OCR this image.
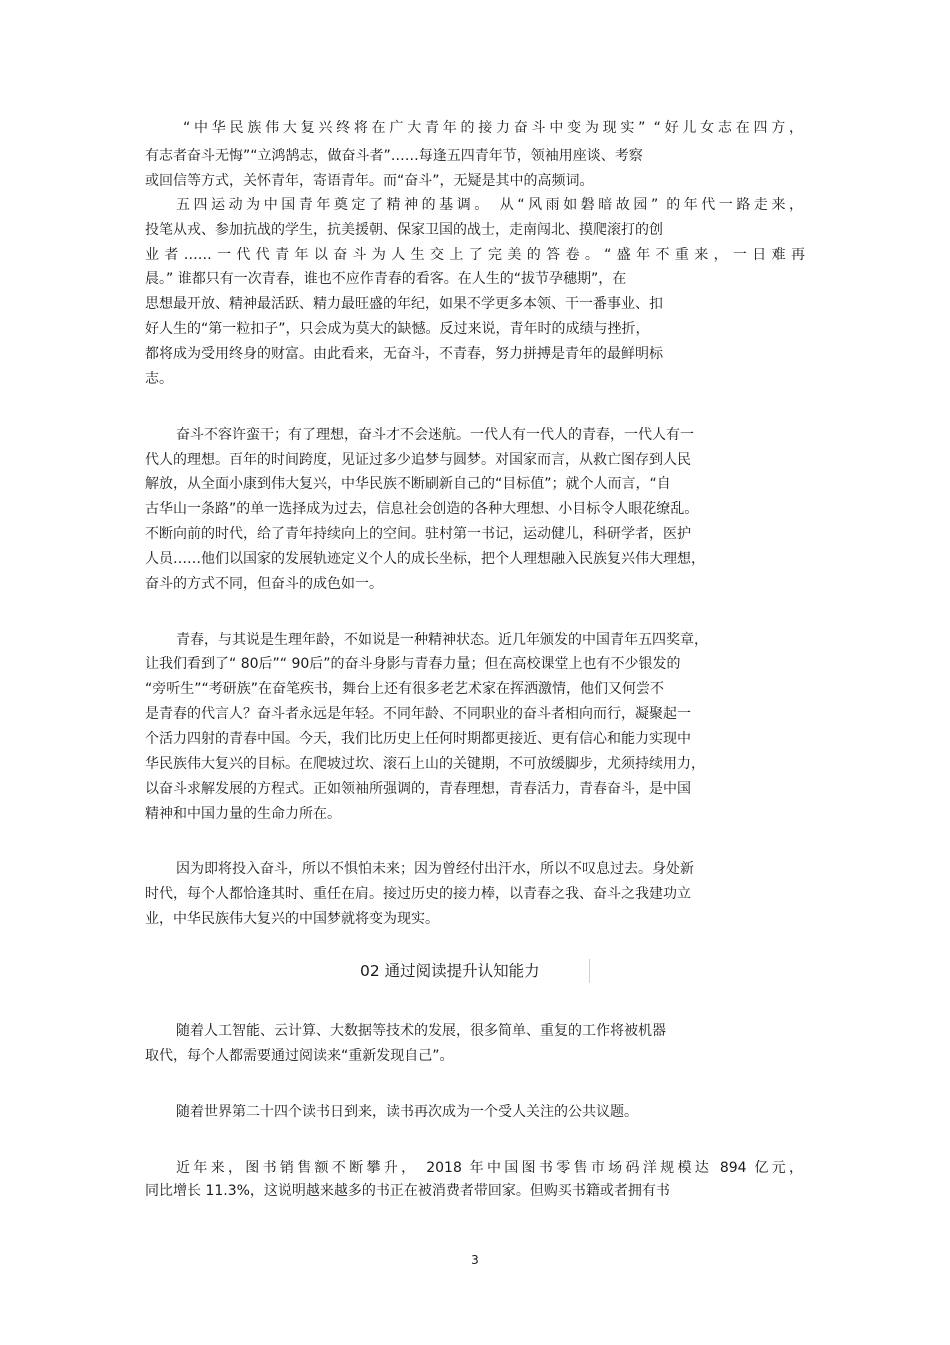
“中华民族伟大复兴终将在广大青年的接力奋斗中变为现实” “好儿女志在四方，

有志者奋斗无悔”“立鸿鹄志，做奋斗者”……每逢五四青年节，领袖用座谈、考察

或回信等方式，关怀青年，寄语青年。而“奋斗”，无疑是其中的高频词。

五四运动为中国青年奠定了精神的基调。 从“风雨如磐暗故园” 的年代一路走来，

投笔从戎、参加抗战的学生，抗美援朝、保家卫国的战士，走南闯北、摸爬滚打的创

业者……一代代青年以奋斗为人生交上了完美的答卷。“盛年不重来，一日难再

晨。” 谁都只有一次青春，谁也不应作青春的看客。在人生的“拔节孕穗期”，在

思想最开放、精神最活跃、精力最旺盛的年纪，如果不学更多本领、干一番事业、扣

好人生的“第一粒扣子”，只会成为莫大的缺憾。反过来说，青年时的成绩与挫折，

都将成为受用终身的财富。由此看来，无奋斗，不青春，努力拼搏是青年的最鲜明标

志。

奋斗不容许蛮干；有了理想，奋斗才不会迷航。一代人有一代人的青春，一代人有一

代人的理想。百年的时间跨度，见证过多少追梦与圆梦。对国家而言，从救亡图存到人民

解放，从全面小康到伟大复兴，中华民族不断刷新自己的“目标值”；就个人而言，“自

古华山一条路”的单一选择成为过去，信息社会创造的各种大理想、小目标令人眼花缭乱。

不断向前的时代，给了青年持续向上的空间。驻村第一书记，运动健儿，科研学者，医护

人员……他们以国家的发展轨迹定义个人的成长坐标，把个人理想融入民族复兴伟大理想，

奋斗的方式不同，但奋斗的成色如一。

青春，与其说是生理年龄，不如说是一种精神状态。近几年颁发的中国青年五四奖章，

让我们看到了“ 80后”“ 90后”的奋斗身影与青春力量；但在高校课堂上也有不少银发的

“旁听生”“考研族”在奋笔疾书，舞台上还有很多老艺术家在挥洒激情，他们又何尝不

是青春的代言人？奋斗者永远是年轻。不同年龄、不同职业的奋斗者相向而行，凝聚起一

个活力四射的青春中国。今天，我们比历史上任何时期都更接近、更有信心和能力实现中

华民族伟大复兴的目标。在爬坡过坎、滚石上山的关键期，不可放缓脚步，尤须持续用力，

以奋斗求解发展的方程式。正如领袖所强调的，青春理想，青春活力，青春奋斗，是中国

精神和中国力量的生命力所在。

因为即将投入奋斗，所以不惧怕未来；因为曾经付出汗水，所以不叹息过去。身处新

时代，每个人都恰逢其时、重任在肩。接过历史的接力棒，以青春之我、奋斗之我建功立

业，中华民族伟大复兴的中国梦就将变为现实。

02 通过阅读提升认知能力

随着人工智能、云计算、大数据等技术的发展，很多简单、重复的工作将被机器

取代，每个人都需要通过阅读来“重新发现自己”。

随着世界第二十四个读书日到来，读书再次成为一个受人关注的公共议题。

近年来，图书销售额不断攀升， 2018 年中国图书零售市场码洋规模达 894 亿元，

同比增长 11.3%，这说明越来越多的书正在被消费者带回家。但购买书籍或者拥有书

3
